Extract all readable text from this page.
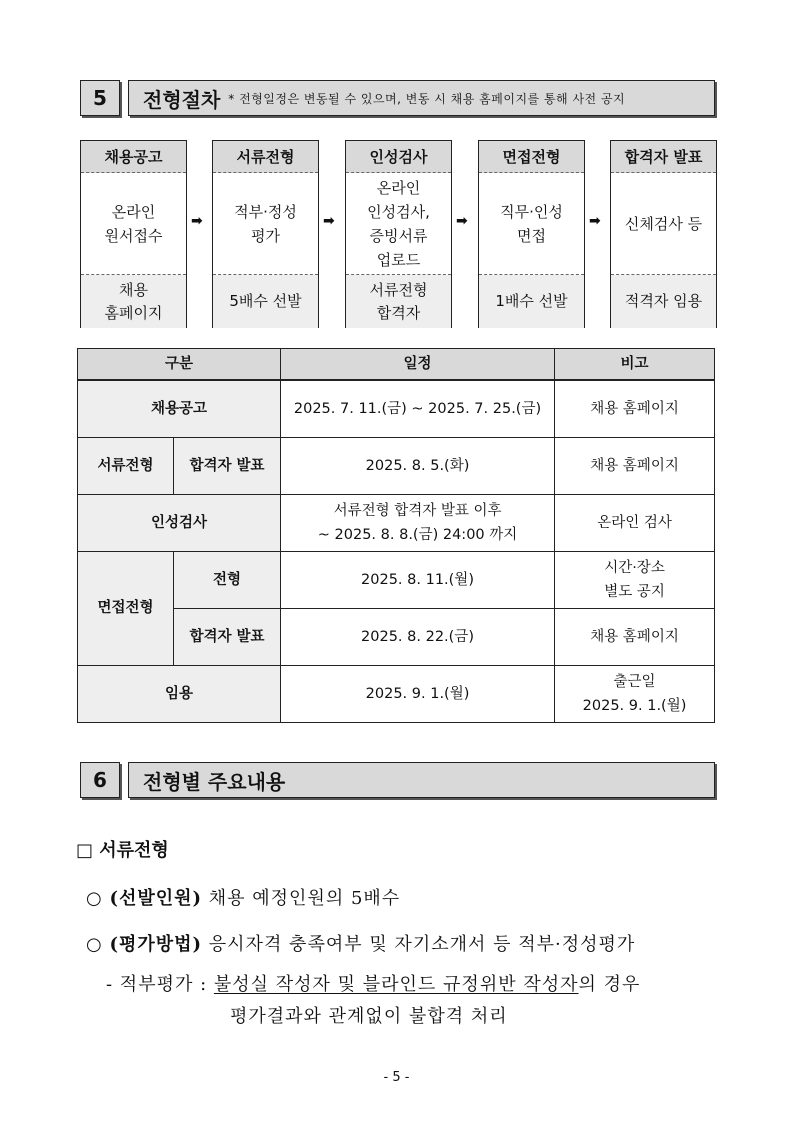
5 전형절차 * 전형일정은 변동될 수 있으며, 변동 시 채용 홈페이지를 통해 사전 공지
채용공고
온라인
원서접수
채용
홈페이지
➡
서류전형
적부·정성
평가
5배수 선발
➡
인성검사
온라인
인성검사,
증빙서류
업로드
서류전형
합격자
➡
면접전형
직무·인성
면접
1배수 선발
➡
합격자 발표
신체검사 등
적격자 임용
구분		일정	비고
채용공고		2025. 7. 11.(금) ~ 2025. 7. 25.(금)	채용 홈페이지
서류전형	합격자 발표	2025. 8. 5.(화)	채용 홈페이지
인성검사		서류전형 합격자 발표 이후
~ 2025. 8. 8.(금) 24:00 까지	온라인 검사
면접전형	전형	2025. 8. 11.(월)	시간·장소
별도 공지
	합격자 발표	2025. 8. 22.(금)	채용 홈페이지
임용		2025. 9. 1.(월)	출근일
2025. 9. 1.(월)
6 전형별 주요내용
□ 서류전형
○ (선발인원) 채용 예정인원의 5배수
○ (평가방법) 응시자격 충족여부 및 자기소개서 등 적부·정성평가
- 적부평가 : 불성실 작성자 및 블라인드 규정위반 작성자의 경우
평가결과와 관계없이 불합격 처리
- 5 -
